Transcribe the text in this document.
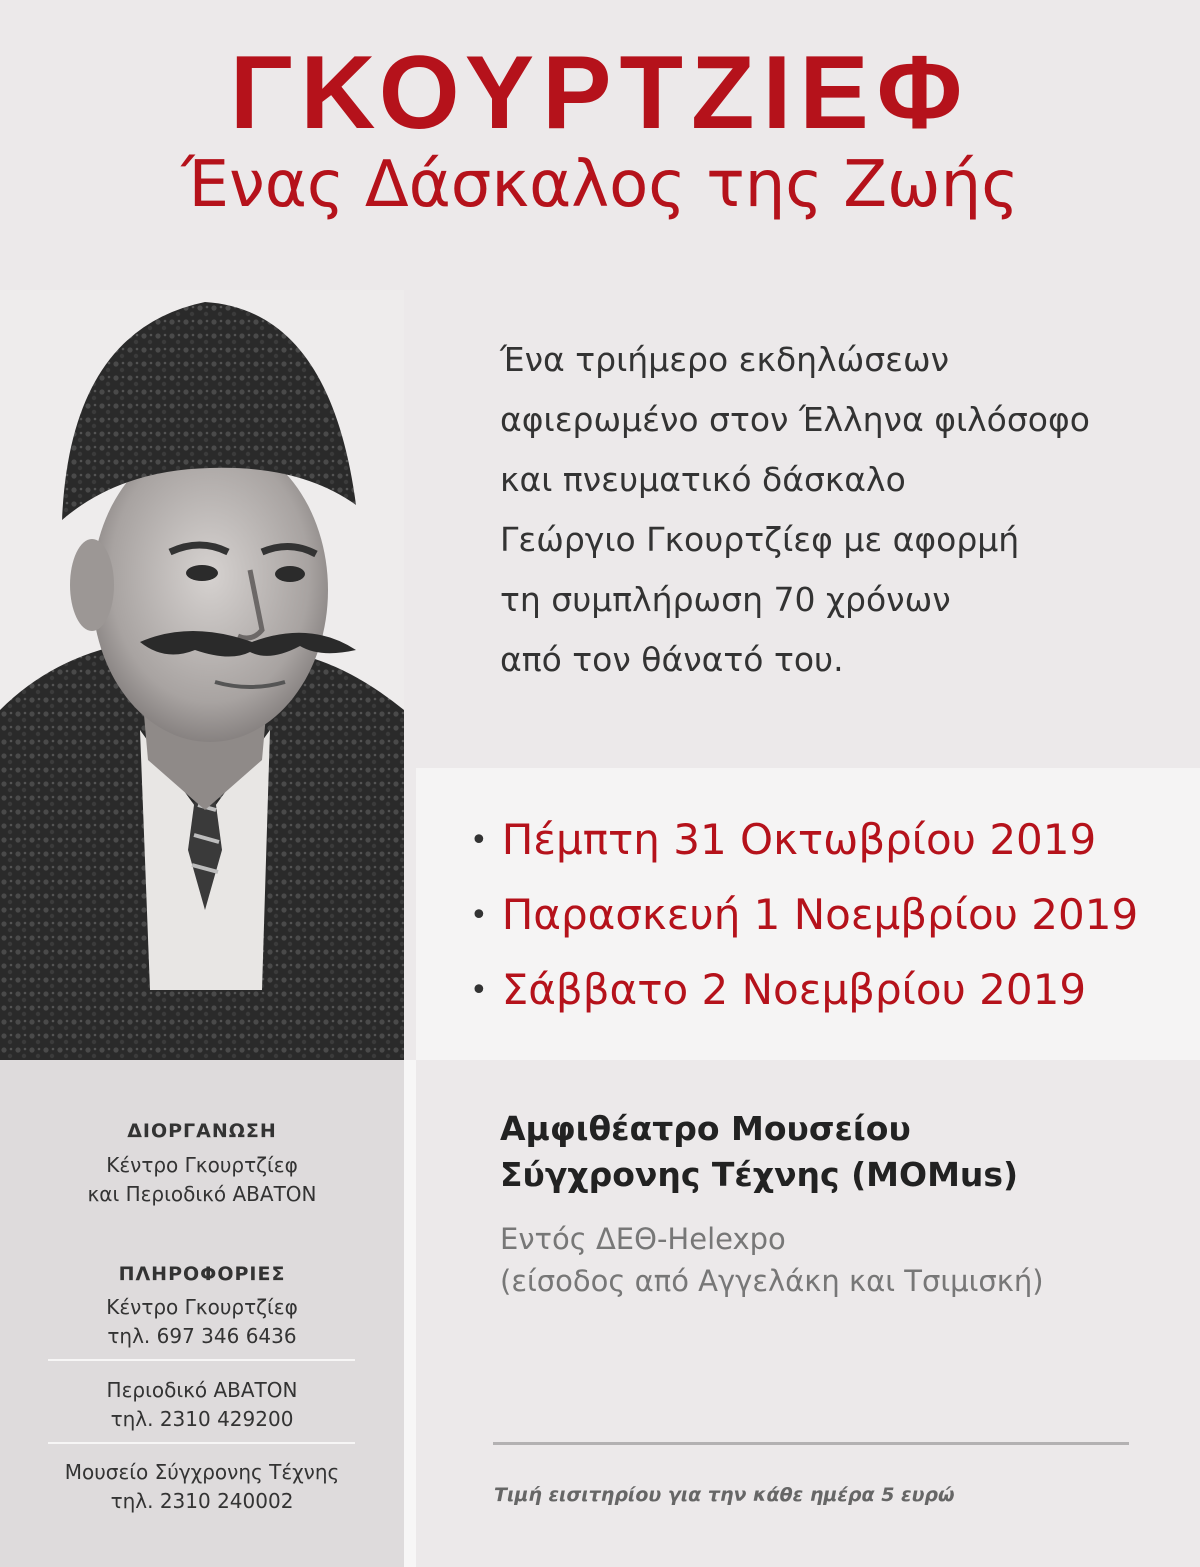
ΓΚΟΥΡΤΖΙΕΦ
Ένας Δάσκαλος της Ζωής
Ένα τριήμερο εκδηλώσεων
αφιερωμένο στον Έλληνα φιλόσοφο
και πνευματικό δάσκαλο
Γεώργιο Γκουρτζίεφ με αφορμή
τη συμπλήρωση 70 χρόνων
από τον θάνατό του.
• Πέμπτη 31 Οκτωβρίου 2019
• Παρασκευή 1 Νοεμβρίου 2019
• Σάββατο 2 Νοεμβρίου 2019
ΔΙΟΡΓΑΝΩΣΗ
Κέντρο Γκουρτζίεφ
και Περιοδικό ΑΒΑΤΟΝ
ΠΛΗΡΟΦΟΡΙΕΣ
Κέντρο Γκουρτζίεφ
τηλ. 697 346 6436
Περιοδικό ΑΒΑΤΟΝ
τηλ. 2310 429200
Μουσείο Σύγχρονης Τέχνης
τηλ. 2310 240002
Αμφιθέατρο Μουσείου
Σύγχρονης Τέχνης (MOMus)
Εντός ΔΕΘ-Helexpo
(είσοδος από Αγγελάκη και Τσιμισκή)
Τιμή εισιτηρίου για την κάθε ημέρα 5 ευρώ
